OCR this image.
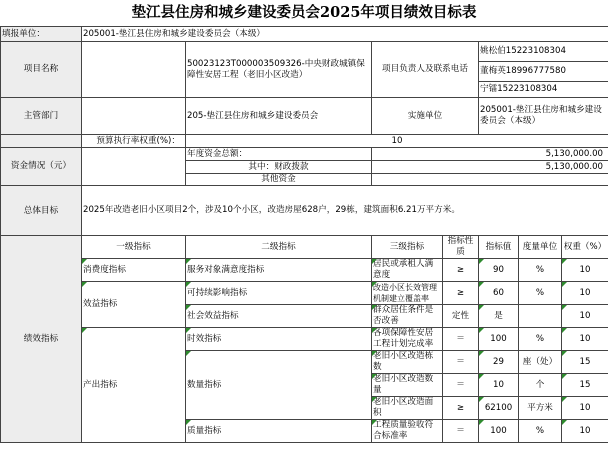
垫江县住房和城乡建设委员会2025年项目绩效目标表
填报单位：	205001-垫江县住房和城乡建设委员会（本级）						
项目名称		50023123T000003509326-中央财政城镇保障性安居工程（老旧小区改造）	项目负责人及联系电话		姚松伯15223108304		
					董梅英18996777580		
					宁镭15223108304		
主管部门		205-垫江县住房和城乡建设委员会	实施单位		205001-垫江县住房和城乡建设委员会（本级）		
	预算执行率权重(%)：	10					
资金情况（元）		年度资金总额：	5,130,000.00				
		其中：财政拨款	5,130,000.00				
		其他资金					
总体目标	2025年改造老旧小区项目2个，涉及10个小区，改造房屋628户，29栋，建筑面积6.21万平方米。						
绩效指标	一级指标	二级指标	三级指标	指标性质	指标值	度量单位	权重（%）
	消费度指标	服务对象满意度指标	居民或承租人满意度	≥	90	%	10
	效益指标	可持续影响指标	改造小区长效管理机制建立覆盖率	≥	60	%	10
		社会效益指标	群众居住条件是否改善	定性	是		10
	产出指标	时效指标	各项保障性安居工程计划完成率	＝	100	%	10
		数量指标	老旧小区改造栋数	＝	29	座（处）	15
			老旧小区改造数量	＝	10	个	15
			老旧小区改造面积	≥	62100	平方米	10
		质量指标	工程质量验收符合标准率	＝	100	%	10
